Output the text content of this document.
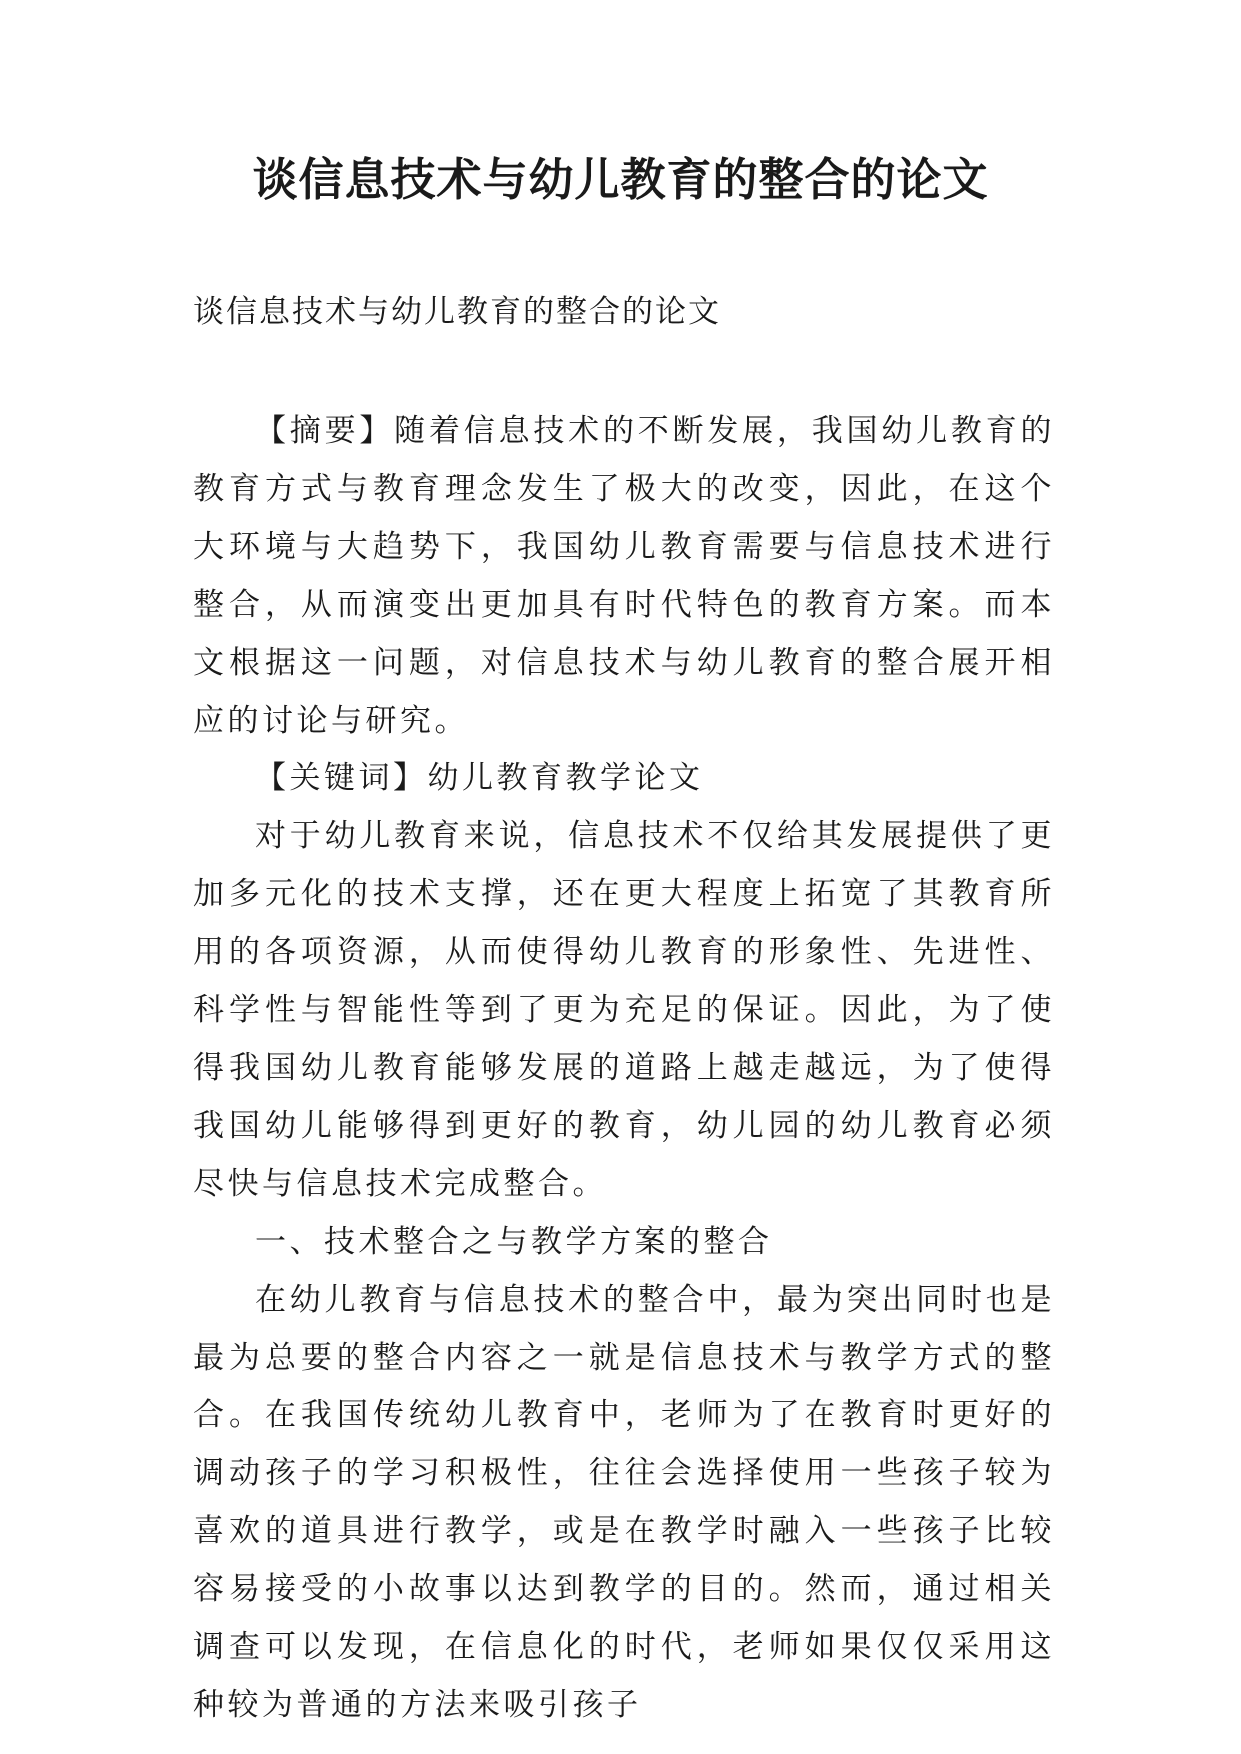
谈信息技术与幼儿教育的整合的论文

谈信息技术与幼儿教育的整合的论文

【摘要】随着信息技术的不断发展，我国幼儿教育的教育方式与教育理念发生了极大的改变，因此，在这个大环境与大趋势下，我国幼儿教育需要与信息技术进行整合，从而演变出更加具有时代特色的教育方案。而本文根据这一问题，对信息技术与幼儿教育的整合展开相应的讨论与研究。

【关键词】幼儿教育教学论文

对于幼儿教育来说，信息技术不仅给其发展提供了更加多元化的技术支撑，还在更大程度上拓宽了其教育所用的各项资源，从而使得幼儿教育的形象性、先进性、科学性与智能性等到了更为充足的保证。因此，为了使得我国幼儿教育能够发展的道路上越走越远，为了使得我国幼儿能够得到更好的教育，幼儿园的幼儿教育必须尽快与信息技术完成整合。

一、技术整合之与教学方案的整合

在幼儿教育与信息技术的整合中，最为突出同时也是最为总要的整合内容之一就是信息技术与教学方式的整合。在我国传统幼儿教育中，老师为了在教育时更好的调动孩子的学习积极性，往往会选择使用一些孩子较为喜欢的道具进行教学，或是在教学时融入一些孩子比较容易接受的小故事以达到教学的目的。然而，通过相关调查可以发现，在信息化的时代，老师如果仅仅采用这种较为普通的方法来吸引孩子
